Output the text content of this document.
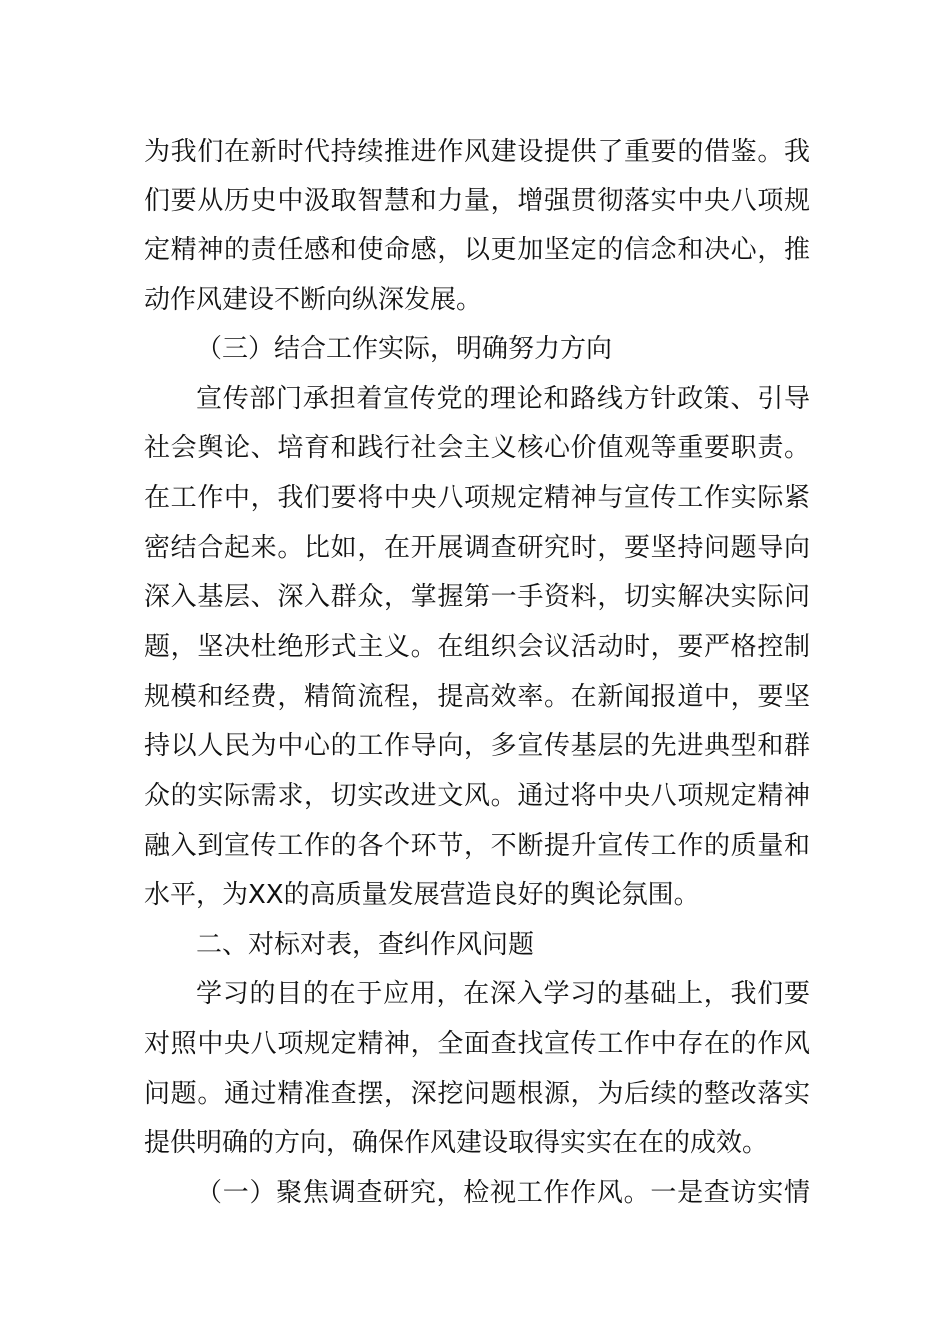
为我们在新时代持续推进作风建设提供了重要的借鉴。我
们要从历史中汲取智慧和力量，增强贯彻落实中央八项规
定精神的责任感和使命感，以更加坚定的信念和决心，推
动作风建设不断向纵深发展。
（三）结合工作实际，明确努力方向
宣传部门承担着宣传党的理论和路线方针政策、引导
社会舆论、培育和践行社会主义核心价值观等重要职责。
在工作中，我们要将中央八项规定精神与宣传工作实际紧
密结合起来。比如，在开展调查研究时，要坚持问题导向
深入基层、深入群众，掌握第一手资料，切实解决实际问
题，坚决杜绝形式主义。在组织会议活动时，要严格控制
规模和经费，精简流程，提高效率。在新闻报道中，要坚
持以人民为中心的工作导向，多宣传基层的先进典型和群
众的实际需求，切实改进文风。通过将中央八项规定精神
融入到宣传工作的各个环节，不断提升宣传工作的质量和
水平，为XX的高质量发展营造良好的舆论氛围。
二、对标对表，查纠作风问题
学习的目的在于应用，在深入学习的基础上，我们要
对照中央八项规定精神，全面查找宣传工作中存在的作风
问题。通过精准查摆，深挖问题根源，为后续的整改落实
提供明确的方向，确保作风建设取得实实在在的成效。
（一）聚焦调查研究，检视工作作风。一是查访实情
